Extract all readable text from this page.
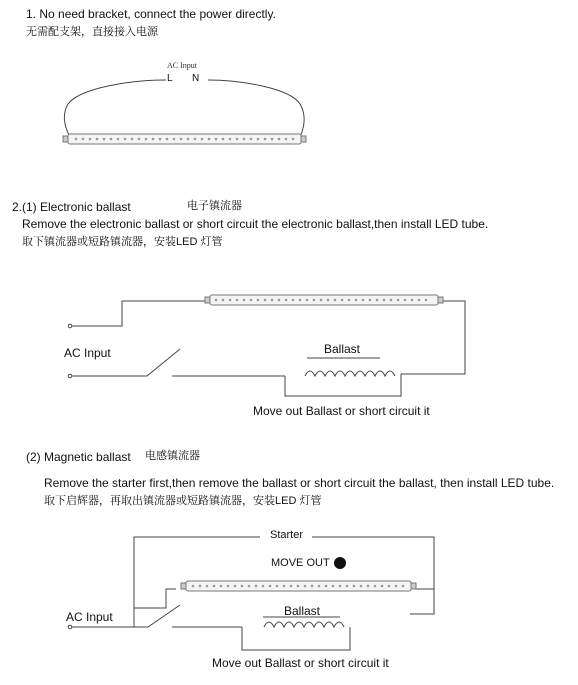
1. No need bracket, connect the power directly.
无需配支架，直接接入电源
AC Input
L N
2.(1) Electronic ballast	电子镇流器
Remove the electronic ballast or short circuit the electronic ballast,then install LED tube.
取下镇流器或短路镇流器，安装LED 灯管
AC Input	Ballast
Move out Ballast or short circuit it
(2) Magnetic ballast 电感镇流器
Remove the starter first,then remove the ballast or short circuit the ballast, then install LED tube.
取下启辉器，再取出镇流器或短路镇流器，安装LED 灯管
Starter
MOVE OUT
AC Input	Ballast
Move out Ballast or short circuit it
